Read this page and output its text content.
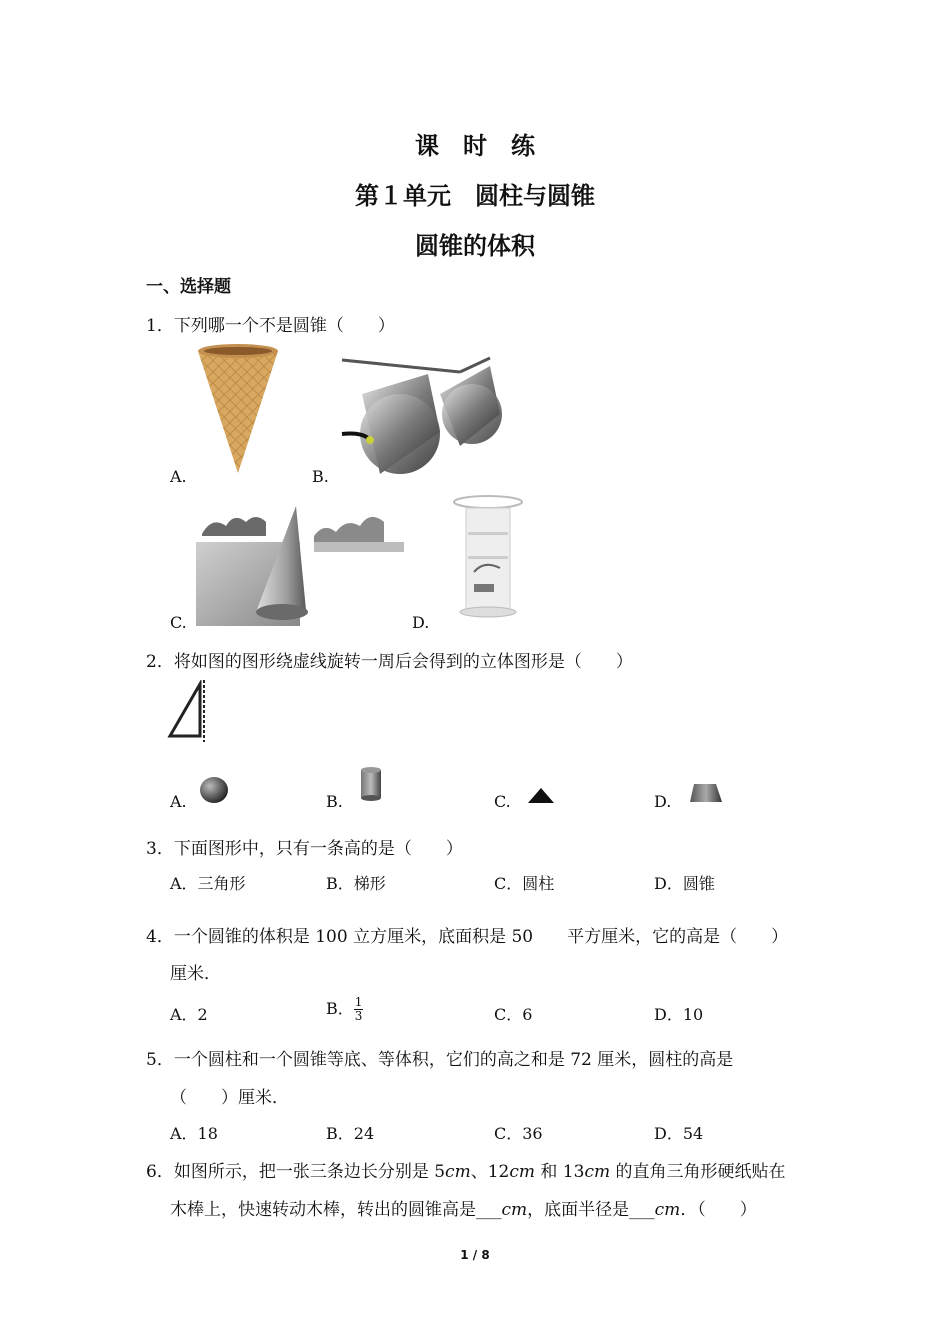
课　时　练
第１单元　圆柱与圆锥
圆锥的体积
一、选择题
1．下列哪一个不是圆锥（　　）
A.	B.
C.	D.
2．将如图的图形绕虚线旋转一周后会得到的立体图形是（　　）
A.	B.	C.	D.
3．下面图形中，只有一条高的是（　　）
A．三角形	B．梯形	C．圆柱	D．圆锥
4．一个圆锥的体积是 100 立方厘米，底面积是 50　　平方厘米，它的高是（　　）
厘米．
A．2	B． $\frac{1}{3}$	C．6	D．10
5．一个圆柱和一个圆锥等底、等体积，它们的高之和是 72 厘米，圆柱的高是
（　　）厘米．
A．18	B．24	C．36	D．54
6．如图所示，把一张三条边长分别是 5cm、12cm 和 13cm 的直角三角形硬纸贴在
木棒上，快速转动木棒，转出的圆锥高是___cm，底面半径是___cm．（　　）
1 / 8
